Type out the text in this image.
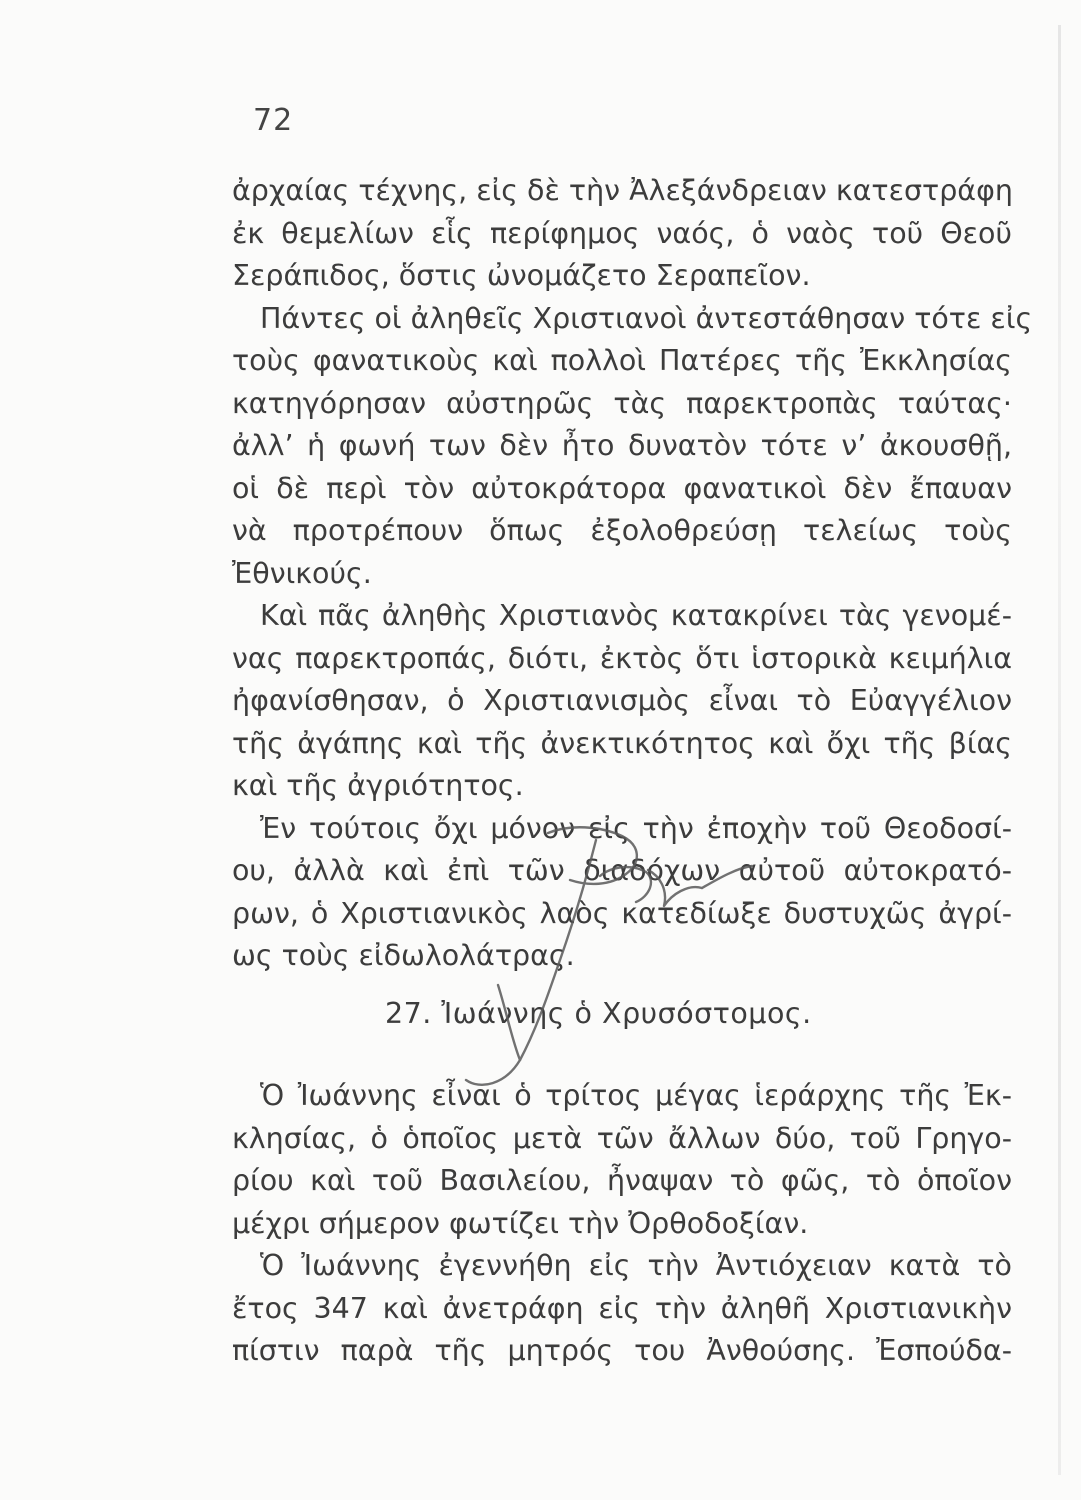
72
ἀρχαίας τέχνης, εἰς δὲ τὴν Ἀλεξάνδρειαν κατεστράφη
ἐκ θεμελίων εἷς περίφημος ναός, ὁ ναὸς τοῦ Θεοῦ
Σεράπιδος, ὅστις ὠνομάζετο Σεραπεῖον.
Πάντες οἱ ἀληθεῖς Χριστιανοὶ ἀντεστάθησαν τότε εἰς
τοὺς φανατικοὺς καὶ πολλοὶ Πατέρες τῆς Ἐκκλησίας
κατηγόρησαν αὐστηρῶς τὰς παρεκτροπὰς ταύτας·
ἀλλ’ ἡ φωνή των δὲν ἦτο δυνατὸν τότε ν’ ἀκουσθῇ,
οἱ δὲ περὶ τὸν αὐτοκράτορα φανατικοὶ δὲν ἔπαυαν
νὰ προτρέπουν ὅπως ἐξολοθρεύσῃ τελείως τοὺς
Ἐθνικούς.
Καὶ πᾶς ἀληθὴς Χριστιανὸς κατακρίνει τὰς γενομέ-
νας παρεκτροπάς, διότι, ἐκτὸς ὅτι ἱστορικὰ κειμήλια
ἠφανίσθησαν, ὁ Χριστιανισμὸς εἶναι τὸ Εὐαγγέλιον
τῆς ἀγάπης καὶ τῆς ἀνεκτικότητος καὶ ὄχι τῆς βίας
καὶ τῆς ἀγριότητος.
Ἐν τούτοις ὄχι μόνον εἰς τὴν ἐποχὴν τοῦ Θεοδοσί-
ου, ἀλλὰ καὶ ἐπὶ τῶν διαδόχων αὐτοῦ αὐτοκρατό-
ρων, ὁ Χριστιανικὸς λαὸς κατεδίωξε δυστυχῶς ἀγρί-
ως τοὺς εἰδωλολάτρας.
27. Ἰωάννης ὁ Χρυσόστομος.
Ὁ Ἰωάννης εἶναι ὁ τρίτος μέγας ἱεράρχης τῆς Ἐκ-
κλησίας, ὁ ὁποῖος μετὰ τῶν ἄλλων δύο, τοῦ Γρηγο-
ρίου καὶ τοῦ Βασιλείου, ἦναψαν τὸ φῶς, τὸ ὁποῖον
μέχρι σήμερον φωτίζει τὴν Ὀρθοδοξίαν.
Ὁ Ἰωάννης ἐγεννήθη εἰς τὴν Ἀντιόχειαν κατὰ τὸ
ἔτος 347 καὶ ἀνετράφη εἰς τὴν ἀληθῆ Χριστιανικὴν
πίστιν παρὰ τῆς μητρός του Ἀνθούσης. Ἐσπούδα-
